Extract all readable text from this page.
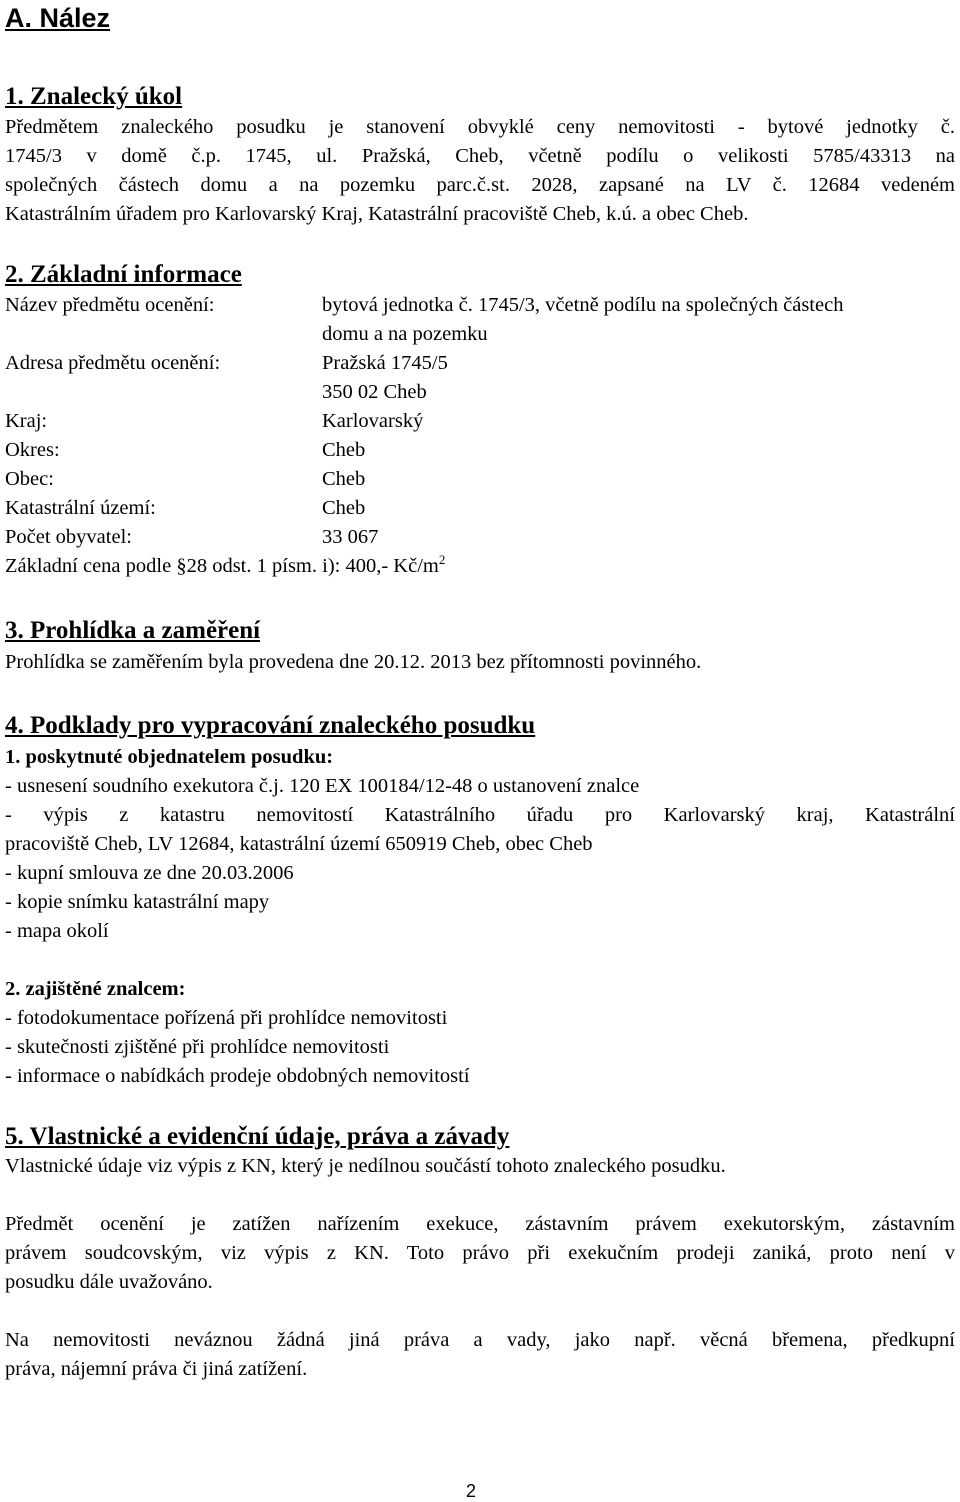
A. Nález
1. Znalecký úkol
Předmětem znaleckého posudku je stanovení obvyklé ceny nemovitosti - bytové jednotky č.
1745/3 v domě č.p. 1745, ul. Pražská, Cheb, včetně podílu o velikosti 5785/43313 na
společných částech domu a na pozemku parc.č.st. 2028, zapsané na LV č. 12684 vedeném
Katastrálním úřadem pro Karlovarský Kraj, Katastrální pracoviště Cheb, k.ú. a obec Cheb.
2. Základní informace
Název předmětu ocenění:	bytová jednotka č. 1745/3, včetně podílu na společných částech
domu a na pozemku
Adresa předmětu ocenění:	Pražská 1745/5
350 02 Cheb
Kraj:	Karlovarský
Okres:	Cheb
Obec:	Cheb
Katastrální území:	Cheb
Počet obyvatel:	33 067
Základní cena podle §28 odst. 1 písm. i): 400,- $Kč/m^2$
3. Prohlídka a zaměření
Prohlídka se zaměřením byla provedena dne 20.12. 2013 bez přítomnosti povinného.
4. Podklady pro vypracování znaleckého posudku
1. poskytnuté objednatelem posudku:
- usnesení soudního exekutora č.j. 120 EX 100184/12-48 o ustanovení znalce
- výpis z katastru nemovitostí Katastrálního úřadu pro Karlovarský kraj, Katastrální
pracoviště Cheb, LV 12684, katastrální území 650919 Cheb, obec Cheb
- kupní smlouva ze dne 20.03.2006
- kopie snímku katastrální mapy
- mapa okolí
2. zajištěné znalcem:
- fotodokumentace pořízená při prohlídce nemovitosti
- skutečnosti zjištěné při prohlídce nemovitosti
- informace o nabídkách prodeje obdobných nemovitostí
5. Vlastnické a evidenční údaje, práva a závady
Vlastnické údaje viz výpis z KN, který je nedílnou součástí tohoto znaleckého posudku.
Předmět ocenění je zatížen nařízením exekuce, zástavním právem exekutorským, zástavním
právem soudcovským, viz výpis z KN. Toto právo při exekučním prodeji zaniká, proto není v
posudku dále uvažováno.
Na nemovitosti neváznou žádná jiná práva a vady, jako např. věcná břemena, předkupní
práva, nájemní práva či jiná zatížení.
2
